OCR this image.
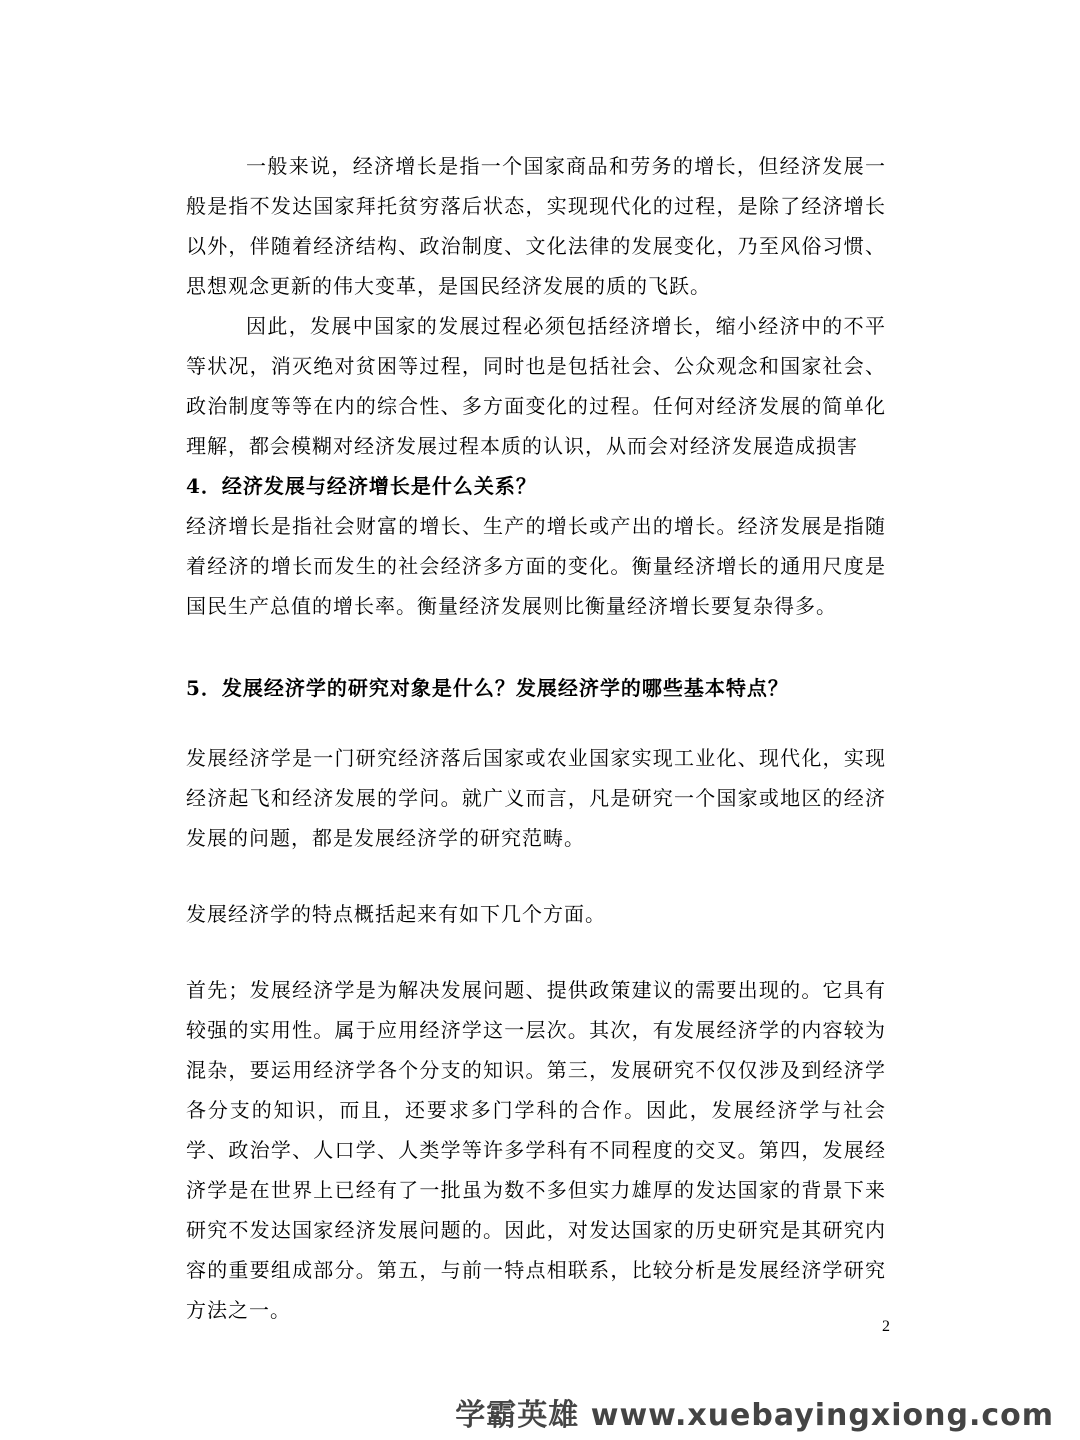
一般来说，经济增长是指一个国家商品和劳务的增长，但经济发展一般是指不发达国家拜托贫穷落后状态，实现现代化的过程，是除了经济增长以外，伴随着经济结构、政治制度、文化法律的发展变化，乃至风俗习惯、思想观念更新的伟大变革，是国民经济发展的质的飞跃。

因此，发展中国家的发展过程必须包括经济增长，缩小经济中的不平等状况，消灭绝对贫困等过程，同时也是包括社会、公众观念和国家社会、政治制度等等在内的综合性、多方面变化的过程。任何对经济发展的简单化理解，都会模糊对经济发展过程本质的认识，从而会对经济发展造成损害

4．经济发展与经济增长是什么关系？

经济增长是指社会财富的增长、生产的增长或产出的增长。经济发展是指随着经济的增长而发生的社会经济多方面的变化。衡量经济增长的通用尺度是国民生产总值的增长率。衡量经济发展则比衡量经济增长要复杂得多。

5．发展经济学的研究对象是什么？发展经济学的哪些基本特点？

发展经济学是一门研究经济落后国家或农业国家实现工业化、现代化，实现经济起飞和经济发展的学问。就广义而言，凡是研究一个国家或地区的经济发展的问题，都是发展经济学的研究范畴。

发展经济学的特点概括起来有如下几个方面。

首先；发展经济学是为解决发展问题、提供政策建议的需要出现的。它具有较强的实用性。属于应用经济学这一层次。其次，有发展经济学的内容较为混杂，要运用经济学各个分支的知识。第三，发展研究不仅仅涉及到经济学各分支的知识，而且，还要求多门学科的合作。因此，发展经济学与社会学、政治学、人口学、人类学等许多学科有不同程度的交叉。第四，发展经济学是在世界上已经有了一批虽为数不多但实力雄厚的发达国家的背景下来研究不发达国家经济发展问题的。因此，对发达国家的历史研究是其研究内容的重要组成部分。第五，与前一特点相联系，比较分析是发展经济学研究方法之一。

2
学霸英雄 www.xuebayingxiong.com
